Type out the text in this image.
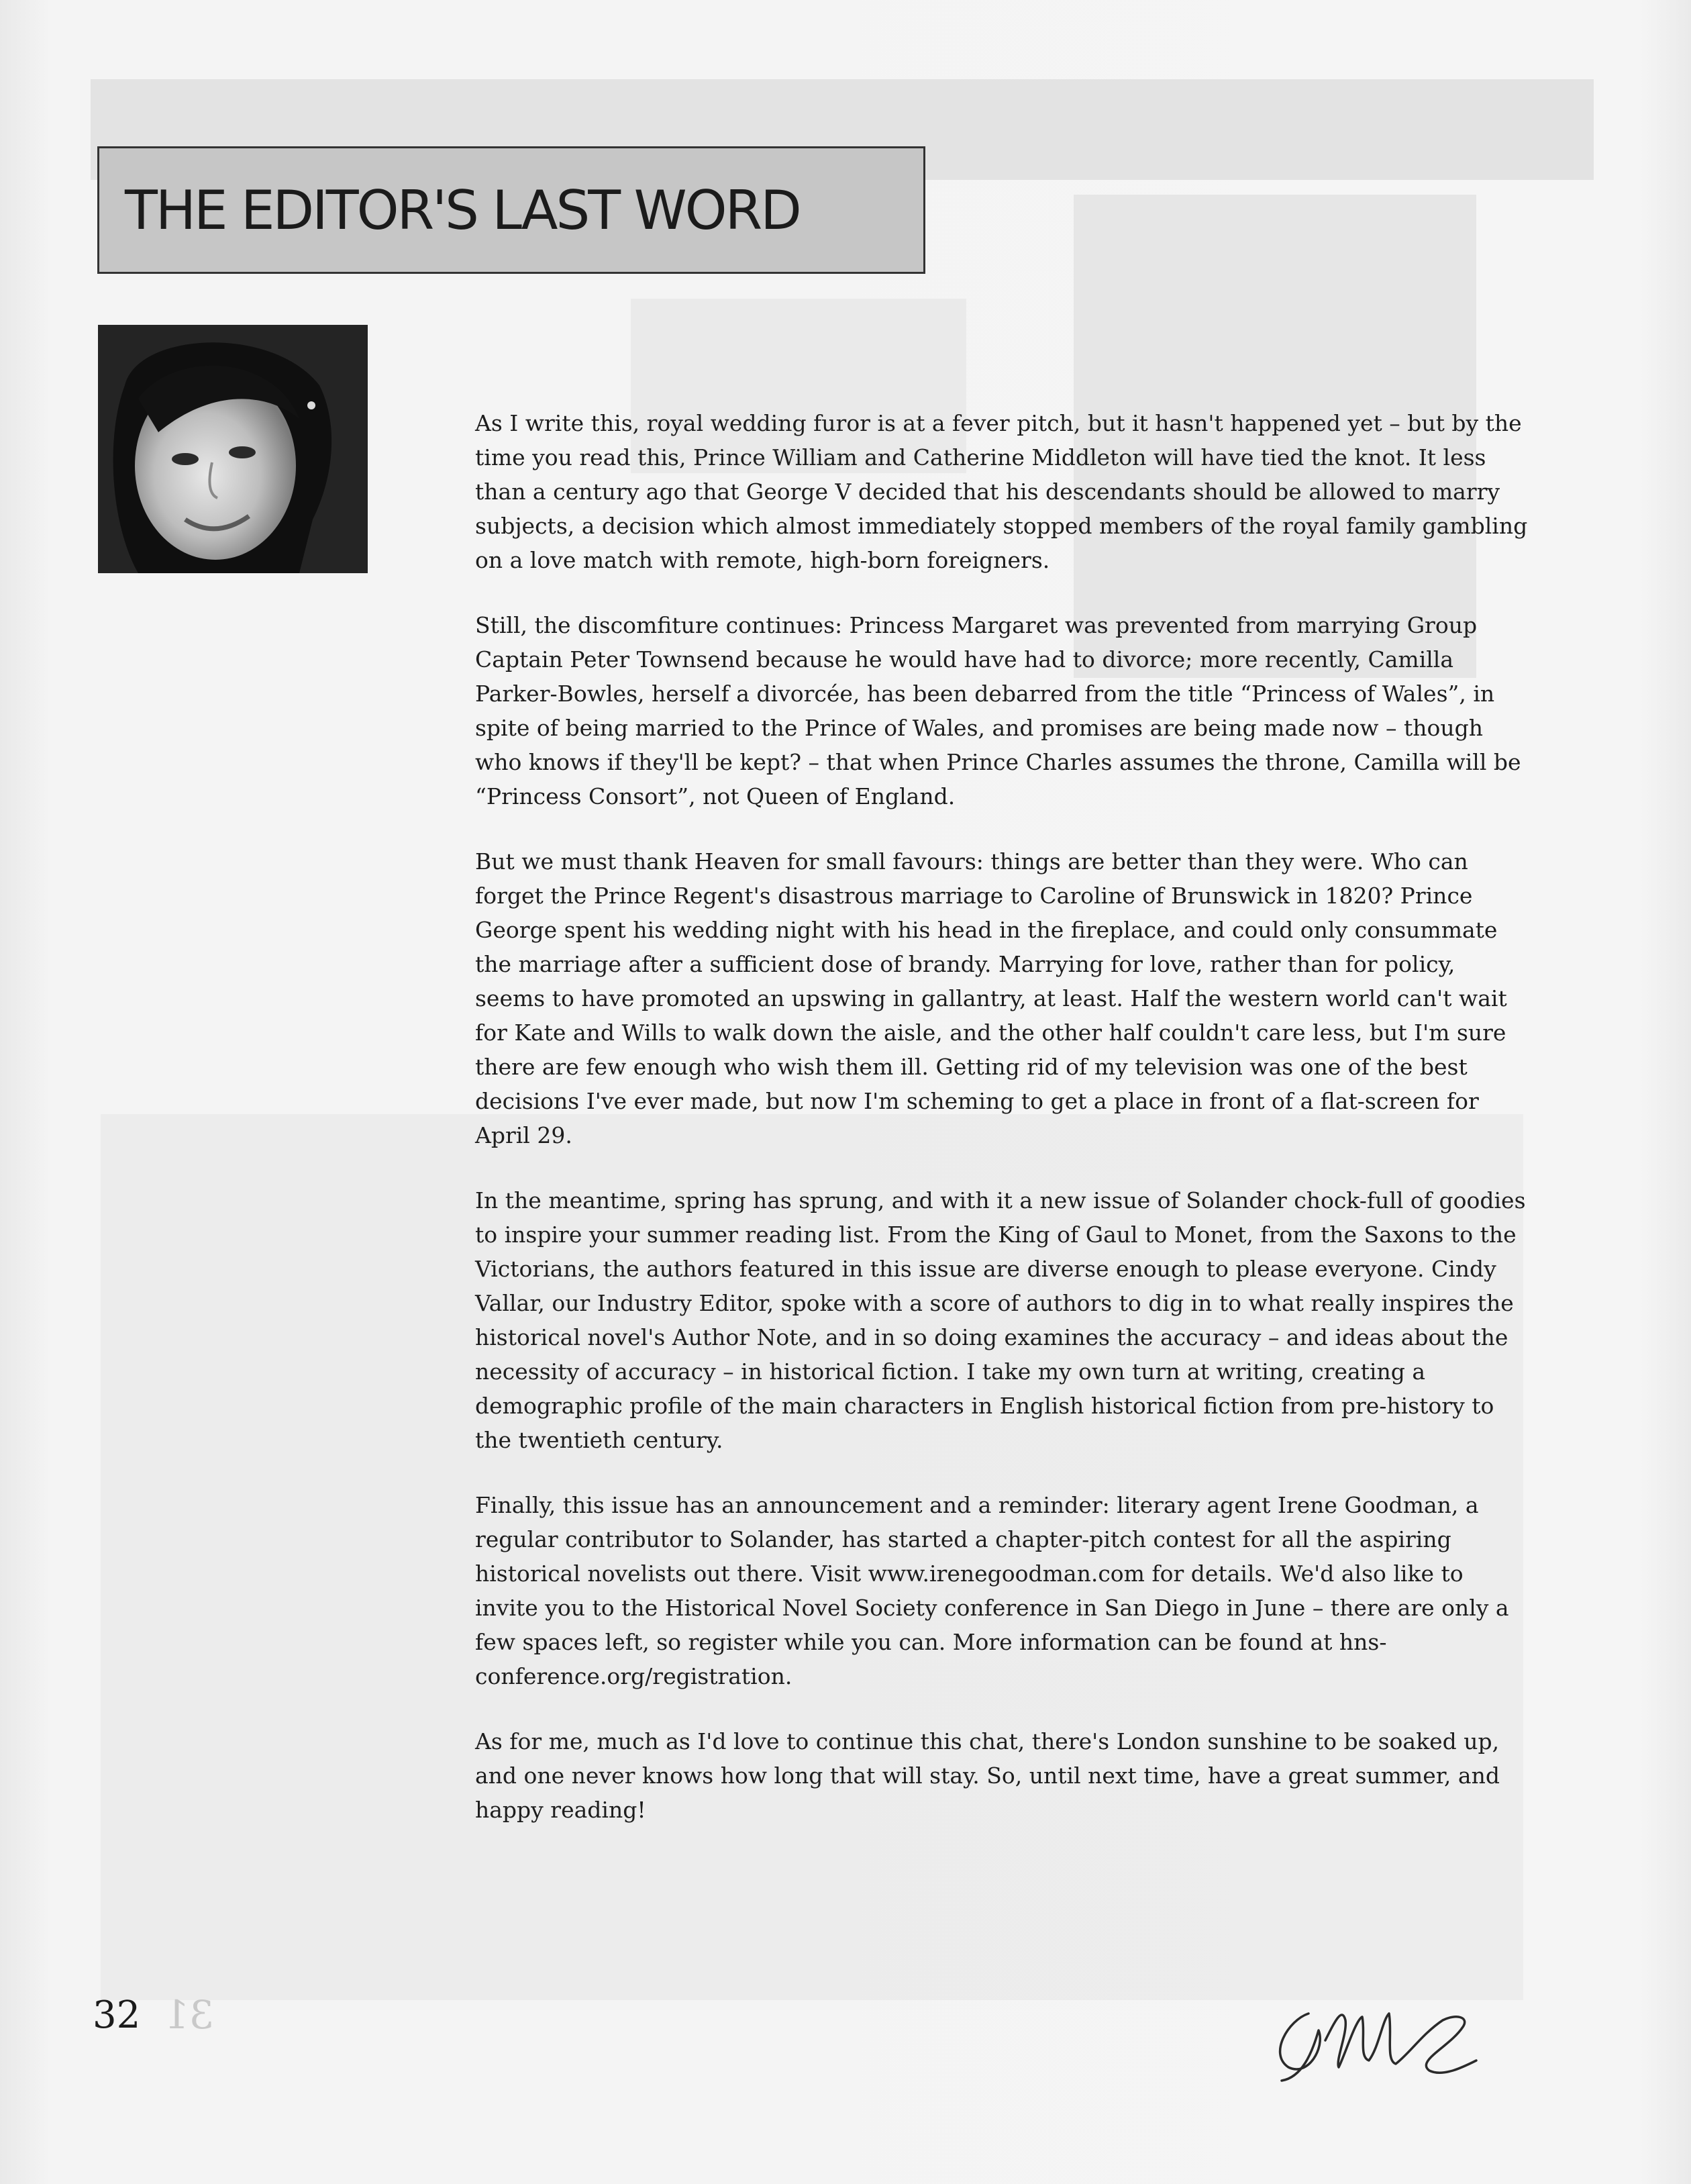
THE EDITOR'S LAST WORD

As I write this, royal wedding furor is at a fever pitch, but it hasn't happened yet – but by the time you read this, Prince William and Catherine Middleton will have tied the knot. It less than a century ago that George V decided that his descendants should be allowed to marry subjects, a decision which almost immediately stopped members of the royal family gambling on a love match with remote, high-born foreigners.

Still, the discomfiture continues: Princess Margaret was prevented from marrying Group Captain Peter Townsend because he would have had to divorce; more recently, Camilla Parker-Bowles, herself a divorcée, has been debarred from the title “Princess of Wales”, in spite of being married to the Prince of Wales, and promises are being made now – though who knows if they'll be kept? – that when Prince Charles assumes the throne, Camilla will be “Princess Consort”, not Queen of England.

But we must thank Heaven for small favours: things are better than they were. Who can forget the Prince Regent's disastrous marriage to Caroline of Brunswick in 1820? Prince George spent his wedding night with his head in the fireplace, and could only consummate the marriage after a sufficient dose of brandy. Marrying for love, rather than for policy, seems to have promoted an upswing in gallantry, at least. Half the western world can't wait for Kate and Wills to walk down the aisle, and the other half couldn't care less, but I'm sure there are few enough who wish them ill. Getting rid of my television was one of the best decisions I've ever made, but now I'm scheming to get a place in front of a flat-screen for April 29.

In the meantime, spring has sprung, and with it a new issue of Solander chock-full of goodies to inspire your summer reading list. From the King of Gaul to Monet, from the Saxons to the Victorians, the authors featured in this issue are diverse enough to please everyone. Cindy Vallar, our Industry Editor, spoke with a score of authors to dig in to what really inspires the historical novel's Author Note, and in so doing examines the accuracy – and ideas about the necessity of accuracy – in historical fiction. I take my own turn at writing, creating a demographic profile of the main characters in English historical fiction from pre-history to the twentieth century.

Finally, this issue has an announcement and a reminder: literary agent Irene Goodman, a regular contributor to Solander, has started a chapter-pitch contest for all the aspiring historical novelists out there. Visit www.irenegoodman.com for details. We'd also like to invite you to the Historical Novel Society conference in San Diego in June – there are only a few spaces left, so register while you can. More information can be found at hns-conference.org/registration.

As for me, much as I'd love to continue this chat, there's London sunshine to be soaked up, and one never knows how long that will stay. So, until next time, have a great summer, and happy reading!

32 31
